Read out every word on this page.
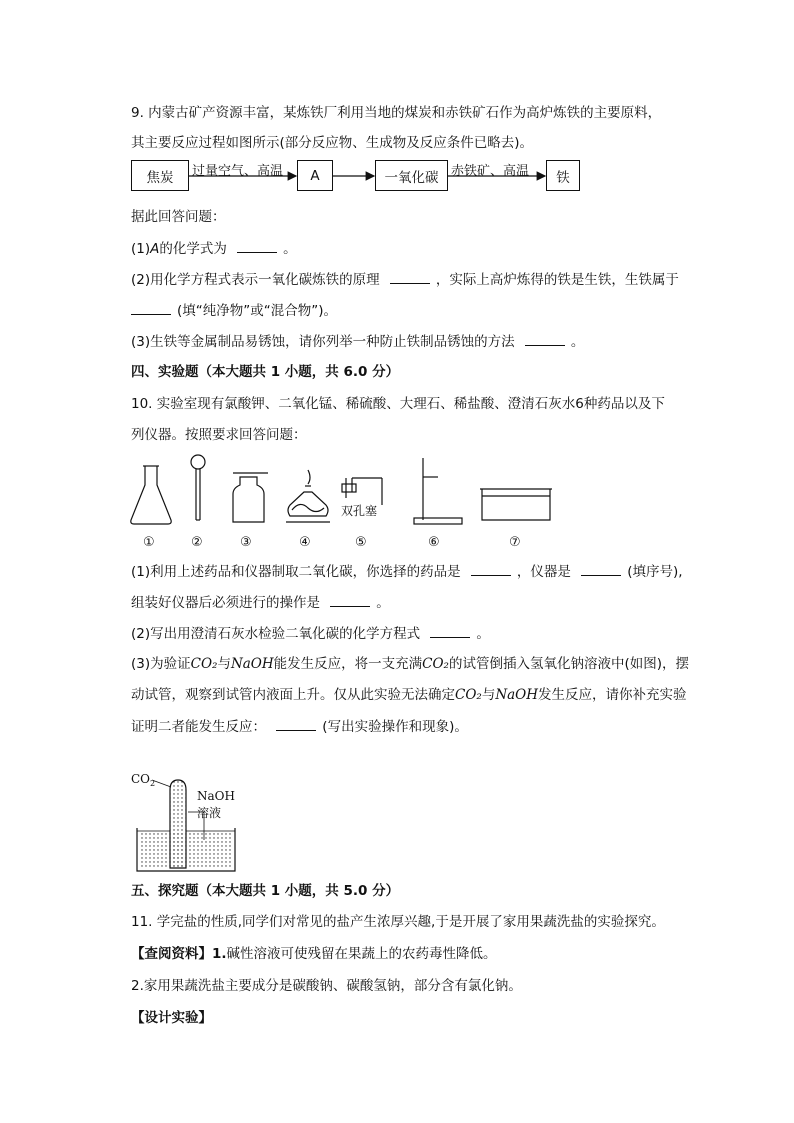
9. 内蒙古矿产资源丰富，某炼铁厂利用当地的煤炭和赤铁矿石作为高炉炼铁的主要原料，
其主要反应过程如图所示(部分反应物、生成物及反应条件已略去)。
焦炭	过量空气、高温	A	一氧化碳 赤铁矿、高温	铁
据此回答问题：
(1)A的化学式为	。
(2)用化学方程式表示一氧化碳炼铁的原理	，实际上高炉炼得的铁是生铁，生铁属于
(填“纯净物”或“混合物”)。
(3)生铁等金属制品易锈蚀，请你列举一种防止铁制品锈蚀的方法	。
四、实验题（本大题共 1 小题，共 6.0 分）
10. 实验室现有氯酸钾、二氧化锰、稀硫酸、大理石、稀盐酸、澄清石灰水6种药品以及下
列仪器。按照要求回答问题：
双孔塞
①	②	③	④	⑤	⑥	⑦
(1)利用上述药品和仪器制取二氧化碳，你选择的药品是	，仪器是	(填序号),
组装好仪器后必须进行的操作是	。
(2)写出用澄清石灰水检验二氧化碳的化学方程式	。
(3)为验证CO₂与NaOH能发生反应，将一支充满CO₂的试管倒插入氢氧化钠溶液中(如图)，摆
动试管，观察到试管内液面上升。仅从此实验无法确定CO₂与NaOH发生反应，请你补充实验
证明二者能发生反应：	(写出实验操作和现象)。
$CO_2$
NaOH
溶液
五、探究题（本大题共 1 小题，共 5.0 分）
11. 学完盐的性质,同学们对常见的盐产生浓厚兴趣,于是开展了家用果蔬洗盐的实验探究。
【查阅资料】1.碱性溶液可使残留在果蔬上的农药毒性降低。
2.家用果蔬洗盐主要成分是碳酸钠、碳酸氢钠，部分含有氯化钠。
【设计实验】
